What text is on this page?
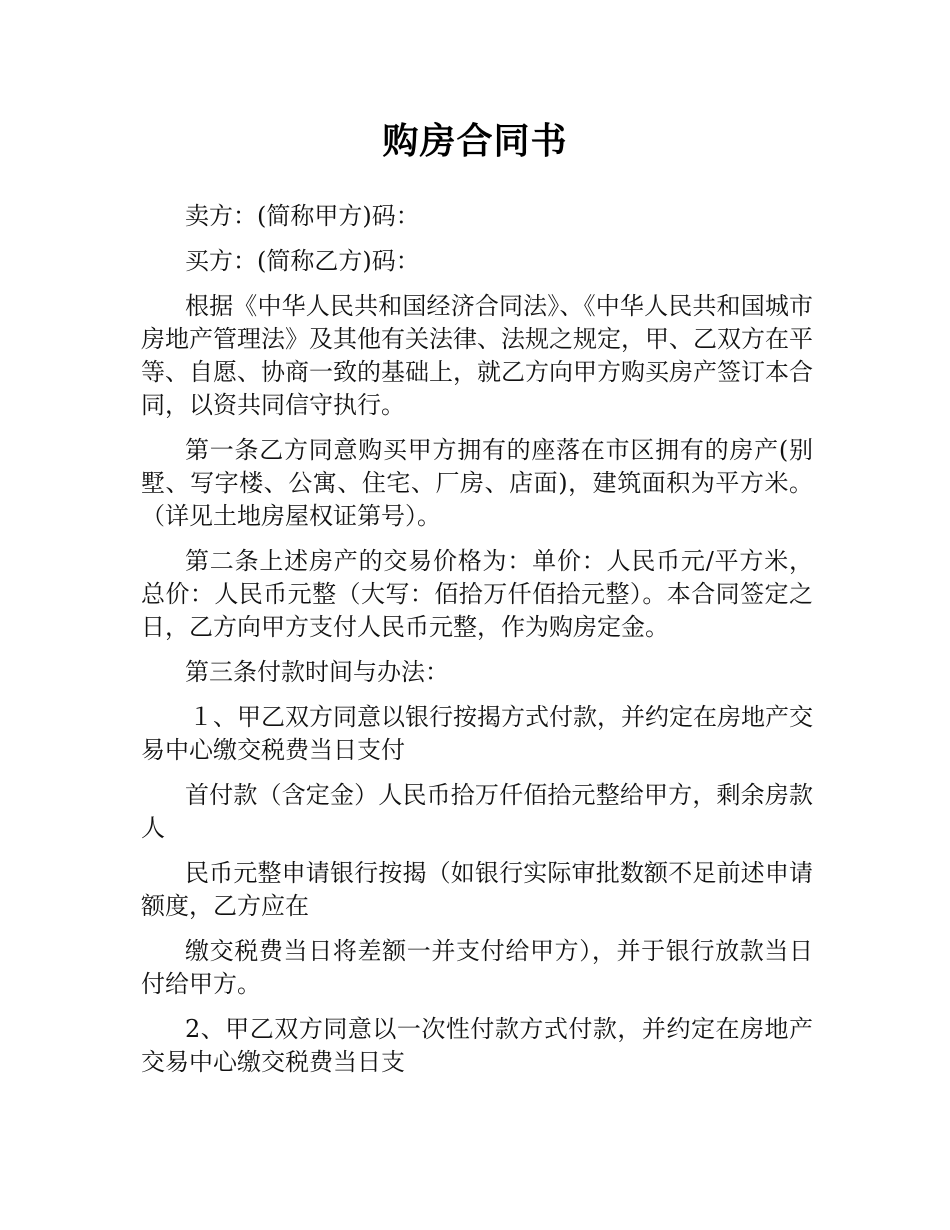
购房合同书

卖方：(简称甲方)码：

买方：(简称乙方)码：

根据《中华人民共和国经济合同法》、《中华人民共和国城市房地产管理法》及其他有关法律、法规之规定，甲、乙双方在平等、自愿、协商一致的基础上，就乙方向甲方购买房产签订本合同，以资共同信守执行。

第一条乙方同意购买甲方拥有的座落在市区拥有的房产(别墅、写字楼、公寓、住宅、厂房、店面)，建筑面积为平方米。（详见土地房屋权证第号）。

第二条上述房产的交易价格为：单价：人民币元/平方米，总价：人民币元整（大写：佰拾万仟佰拾元整）。本合同签定之日，乙方向甲方支付人民币元整，作为购房定金。

第三条付款时间与办法：

１、甲乙双方同意以银行按揭方式付款，并约定在房地产交易中心缴交税费当日支付

首付款（含定金）人民币拾万仟佰拾元整给甲方，剩余房款人

民币元整申请银行按揭（如银行实际审批数额不足前述申请额度，乙方应在

缴交税费当日将差额一并支付给甲方），并于银行放款当日付给甲方。

2、甲乙双方同意以一次性付款方式付款，并约定在房地产交易中心缴交税费当日支
